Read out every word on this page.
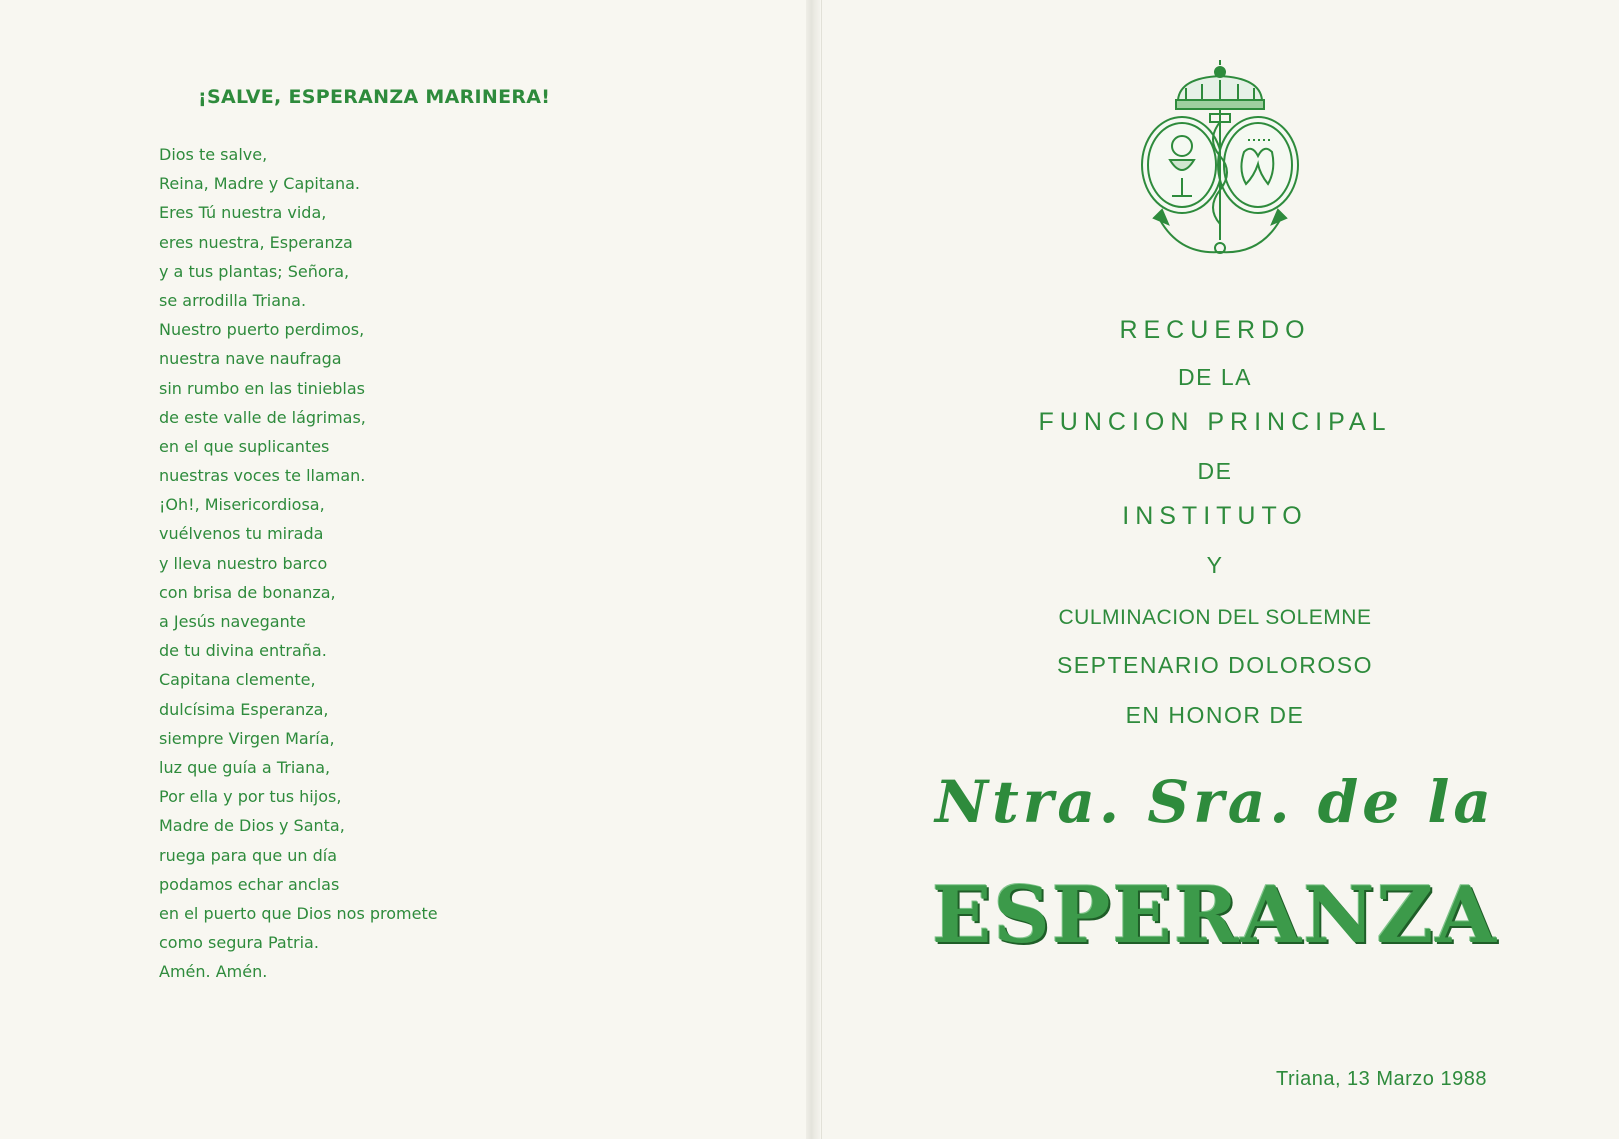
¡SALVE, ESPERANZA MARINERA!
Dios te salve,
Reina, Madre y Capitana.
Eres Tú nuestra vida,
eres nuestra, Esperanza
y a tus plantas; Señora,
se arrodilla Triana.
Nuestro puerto perdimos,
nuestra nave naufraga
sin rumbo en las tinieblas
de este valle de lágrimas,
en el que suplicantes
nuestras voces te llaman.
¡Oh!, Misericordiosa,
vuélvenos tu mirada
y lleva nuestro barco
con brisa de bonanza,
a Jesús navegante
de tu divina entraña.
Capitana clemente,
dulcísima Esperanza,
siempre Virgen María,
luz que guía a Triana,
Por ella y por tus hijos,
Madre de Dios y Santa,
ruega para que un día
podamos echar anclas
en el puerto que Dios nos promete
como segura Patria.
Amén. Amén.
RECUERDO
DE LA
FUNCION PRINCIPAL
DE
INSTITUTO
Y
CULMINACION DEL SOLEMNE
SEPTENARIO DOLOROSO
EN HONOR DE
Ntra. Sra. de la
ESPERANZA
Triana, 13 Marzo 1988
